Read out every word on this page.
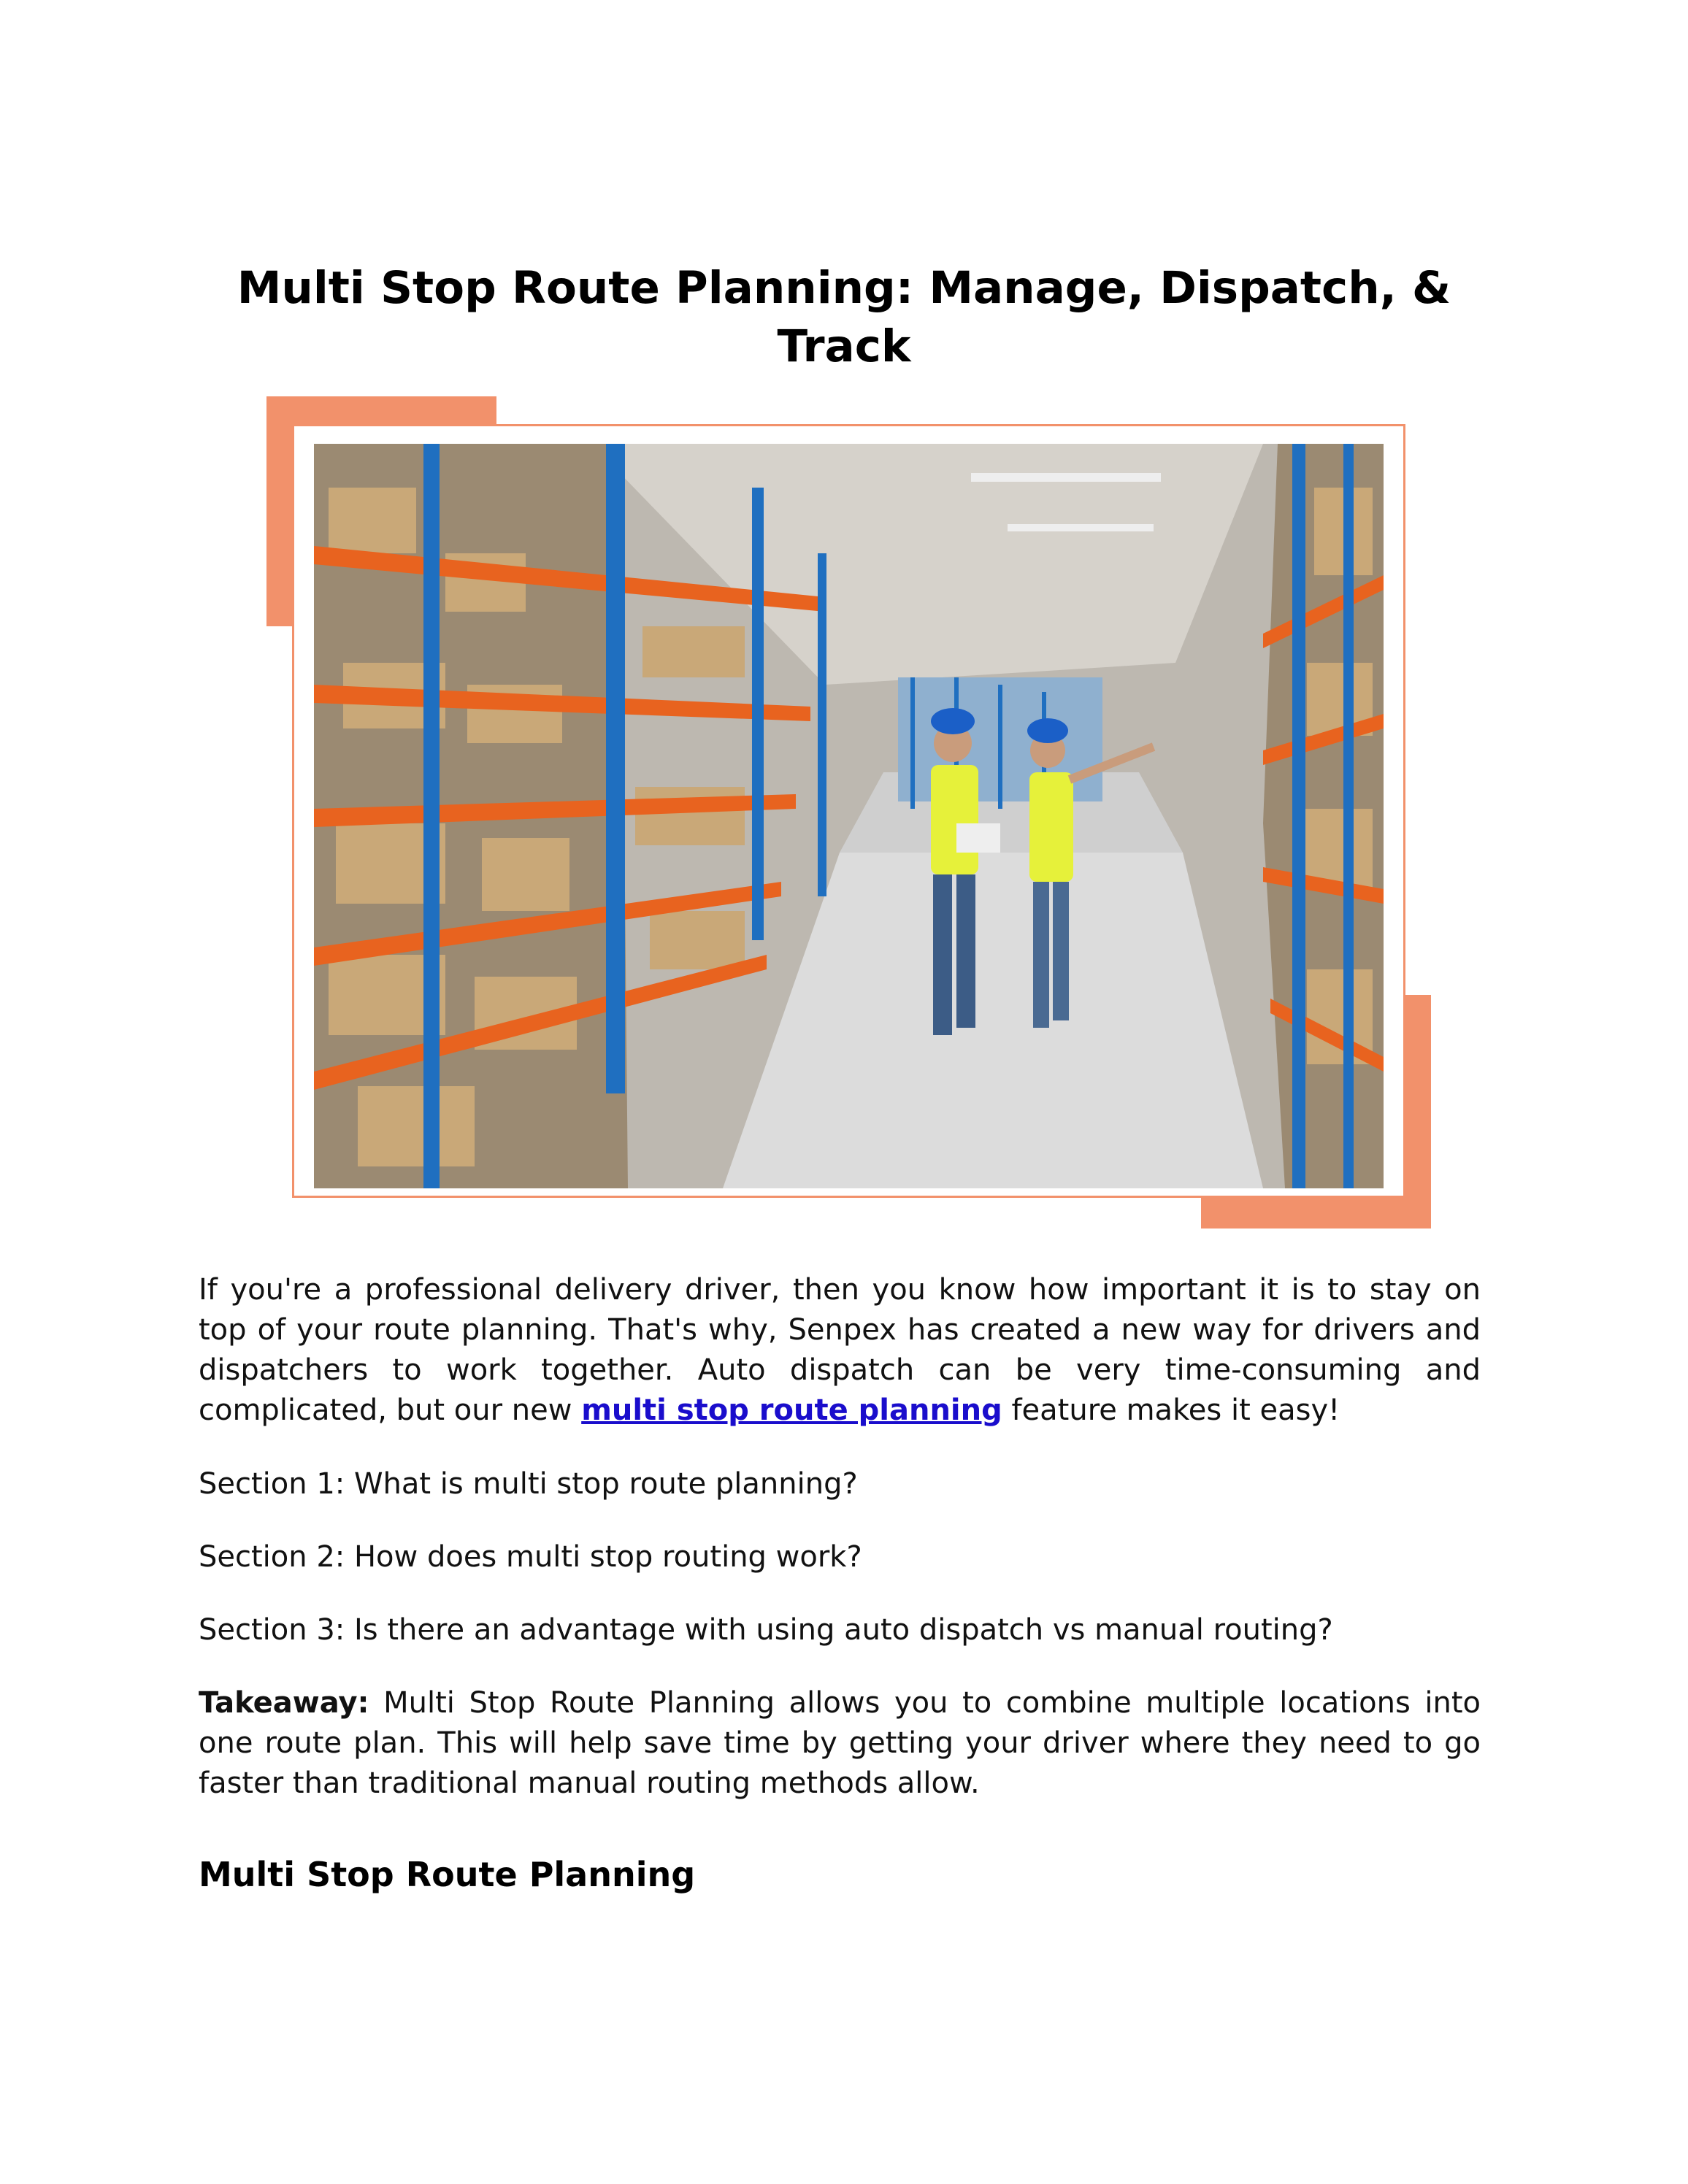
Multi Stop Route Planning: Manage, Dispatch, & Track

If you're a professional delivery driver, then you know how important it is to stay on top of your route planning. That's why, Senpex has created a new way for drivers and dispatchers to work together. Auto dispatch can be very time-consuming and complicated, but our new multi stop route planning feature makes it easy!

Section 1: What is multi stop route planning?

Section 2: How does multi stop routing work?

Section 3: Is there an advantage with using auto dispatch vs manual routing?

Takeaway: Multi Stop Route Planning allows you to combine multiple locations into one route plan. This will help save time by getting your driver where they need to go faster than traditional manual routing methods allow.

Multi Stop Route Planning
